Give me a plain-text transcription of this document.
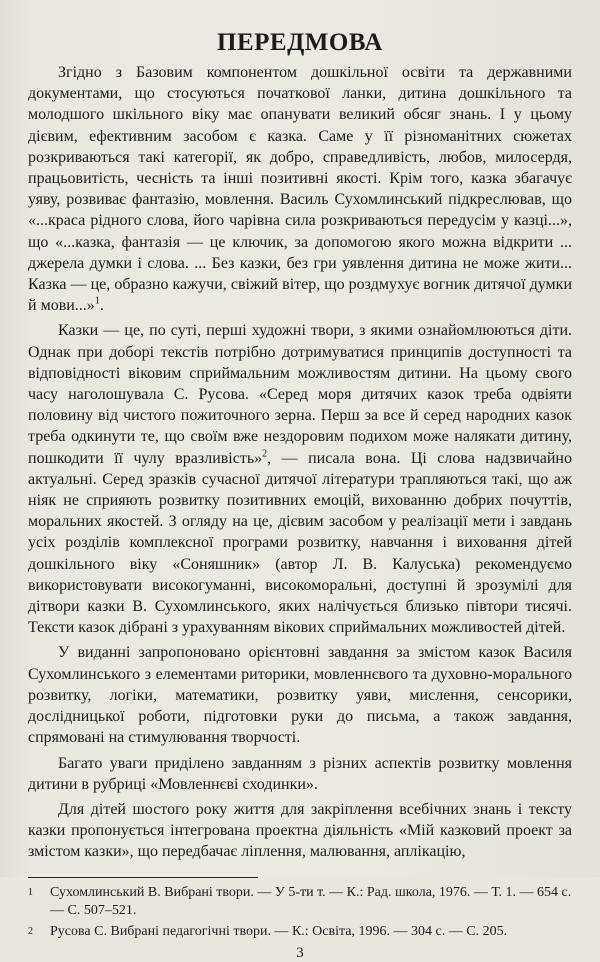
ПЕРЕДМОВА

Згідно з Базовим компонентом дошкільної освіти та державними документами, що стосуються початкової ланки, дитина дошкільного та молодшого шкільного віку має опанувати великий обсяг знань. І у цьому дієвим, ефективним засобом є казка. Саме у її різноманітних сюжетах розкриваються такі категорії, як добро, справедливість, любов, милосердя, працьовитість, чесність та інші позитивні якості. Крім того, казка збагачує уяву, розвиває фантазію, мовлення. Василь Сухомлинський підкреслював, що «...краса рідного слова, його чарівна сила розкриваються передусім у казці...», що «...казка, фантазія — це ключик, за допомогою якого можна відкрити ... джерела думки і слова. ... Без казки, без гри уявлення дитина не може жити... Казка — це, образно кажучи, свіжий вітер, що роздмухує вогник дитячої думки й мови...»$^1$.

Казки — це, по суті, перші художні твори, з якими ознайомлюються діти. Однак при доборі текстів потрібно дотримуватися принципів доступності та відповідності віковим сприймальним можливостям дитини. На цьому свого часу наголошувала С. Русова. «Серед моря дитячих казок треба одвіяти половину від чистого пожиточного зерна. Перш за все й серед народних казок треба одкинути те, що своїм вже нездоровим подихом може налякати дитину, пошкодити її чулу вразливість»$^2$, — писала вона. Ці слова надзвичайно актуальні. Серед зразків сучасної дитячої літератури трапляються такі, що аж ніяк не сприяють розвитку позитивних емоцій, вихованню добрих почуттів, моральних якостей. З огляду на це, дієвим засобом у реалізації мети і завдань усіх розділів комплексної програми розвитку, навчання і виховання дітей дошкільного віку «Соняшник» (автор Л. В. Калуська) рекомендуємо використовувати високогуманні, високоморальні, доступні й зрозумілі для дітвори казки В. Сухомлинського, яких налічується близько півтори тисячі. Тексти казок дібрані з урахуванням вікових сприймальних можливостей дітей.

У виданні запропоновано орієнтовні завдання за змістом казок Василя Сухомлинського з елементами риторики, мовленнєвого та духовно-морального розвитку, логіки, математики, розвитку уяви, мислення, сенсорики, дослідницької роботи, підготовки руки до письма, а також завдання, спрямовані на стимулювання творчості.

Багато уваги приділено завданням з різних аспектів розвитку мовлення дитини в рубриці «Мовленнєві сходинки».

Для дітей шостого року життя для закріплення всебічних знань і тексту казки пропонується інтегрована проектна діяльність «Мій казковий проект за змістом казки», що передбачає ліплення, малювання, аплікацію,

1	Сухомлинський В. Вибрані твори. — У 5-ти т. — К.: Рад. школа, 1976. — Т. 1. — 654 с. — С. 507–521.
2	Русова С. Вибрані педагогічні твори. — К.: Освіта, 1996. — 304 с. — С. 205.
3
